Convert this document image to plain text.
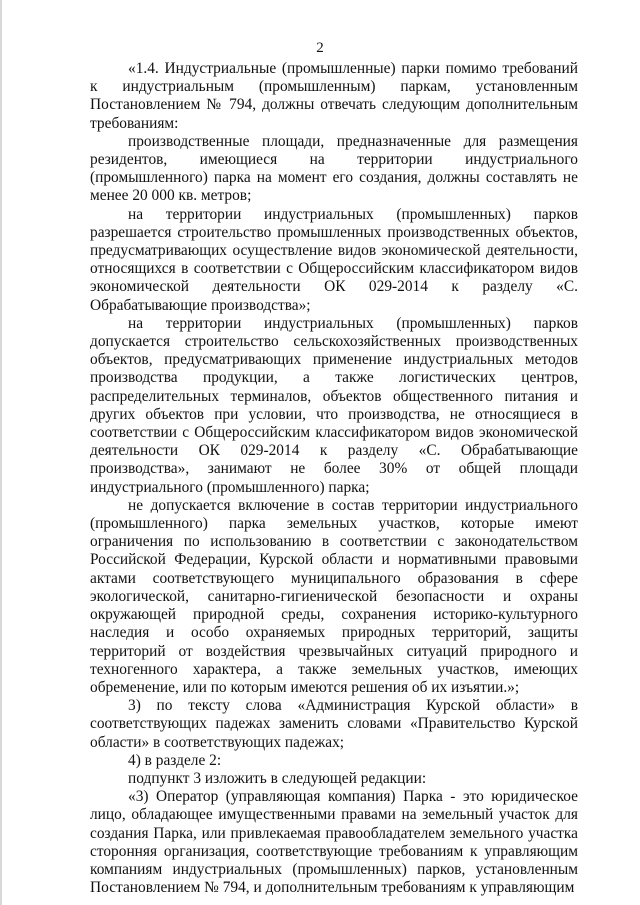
2

«1.4. Индустриальные (промышленные) парки помимо требований к индустриальным (промышленным) паркам, установленным Постановлением № 794, должны отвечать следующим дополнительным требованиям:

производственные площади, предназначенные для размещения резидентов, имеющиеся на территории индустриального (промышленного) парка на момент его создания, должны составлять не менее 20 000 кв. метров;

на территории индустриальных (промышленных) парков разрешается строительство промышленных производственных объектов, предусматривающих осуществление видов экономической деятельности, относящихся в соответствии с Общероссийским классификатором видов экономической деятельности ОК 029-2014 к разделу «С. Обрабатывающие производства»;

на территории индустриальных (промышленных) парков допускается строительство сельскохозяйственных производственных объектов, предусматривающих применение индустриальных методов производства продукции, а также логистических центров, распределительных терминалов, объектов общественного питания и других объектов при условии, что производства, не относящиеся в соответствии с Общероссийским классификатором видов экономической деятельности ОК 029-2014 к разделу «С. Обрабатывающие производства», занимают не более 30% от общей площади индустриального (промышленного) парка;

не допускается включение в состав территории индустриального (промышленного) парка земельных участков, которые имеют ограничения по использованию в соответствии с законодательством Российской Федерации, Курской области и нормативными правовыми актами соответствующего муниципального образования в сфере экологической, санитарно-гигиенической безопасности и охраны окружающей природной среды, сохранения историко-культурного наследия и особо охраняемых природных территорий, защиты территорий от воздействия чрезвычайных ситуаций природного и техногенного характера, а также земельных участков, имеющих обременение, или по которым имеются решения об их изъятии.»;

3) по тексту слова «Администрация Курской области» в соответствующих падежах заменить словами «Правительство Курской области» в соответствующих падежах;

4) в разделе 2:

подпункт 3 изложить в следующей редакции:

«3) Оператор (управляющая компания) Парка - это юридическое лицо, обладающее имущественными правами на земельный участок для создания Парка, или привлекаемая правообладателем земельного участка сторонняя организация, соответствующие требованиям к управляющим компаниям индустриальных (промышленных) парков, установленным Постановлением № 794, и дополнительным требованиям к управляющим
